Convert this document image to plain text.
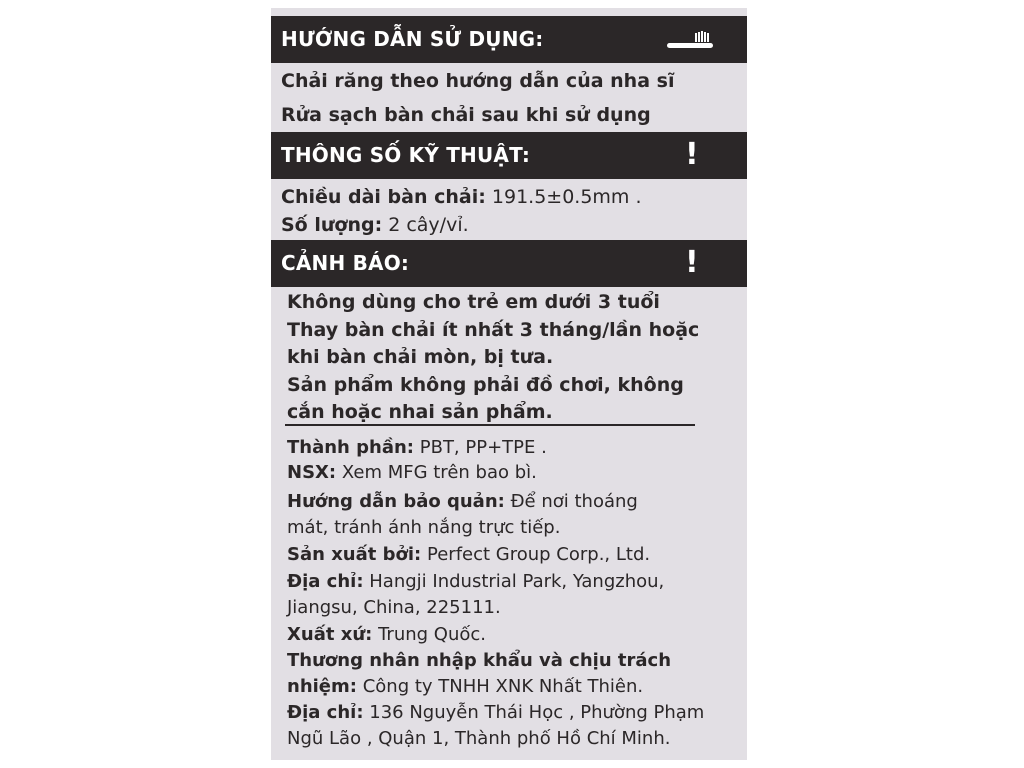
HƯỚNG DẪN SỬ DỤNG:
Chải răng theo hướng dẫn của nha sĩ
Rửa sạch bàn chải sau khi sử dụng
THÔNG SỐ KỸ THUẬT:	!
Chiều dài bàn chải: 191.5±0.5mm .
Số lượng: 2 cây/vỉ.
CẢNH BÁO:	!
Không dùng cho trẻ em dưới 3 tuổi
Thay bàn chải ít nhất 3 tháng/lần hoặc
khi bàn chải mòn, bị tưa.
Sản phẩm không phải đồ chơi, không
cắn hoặc nhai sản phẩm.
Thành phần: PBT, PP+TPE .
NSX: Xem MFG trên bao bì.
Hướng dẫn bảo quản: Để nơi thoáng
mát, tránh ánh nắng trực tiếp.
Sản xuất bởi: Perfect Group Corp., Ltd.
Địa chỉ: Hangji Industrial Park, Yangzhou,
Jiangsu, China, 225111.
Xuất xứ: Trung Quốc.
Thương nhân nhập khẩu và chịu trách
nhiệm: Công ty TNHH XNK Nhất Thiên.
Địa chỉ: 136 Nguyễn Thái Học , Phường Phạm
Ngũ Lão , Quận 1, Thành phố Hồ Chí Minh.
